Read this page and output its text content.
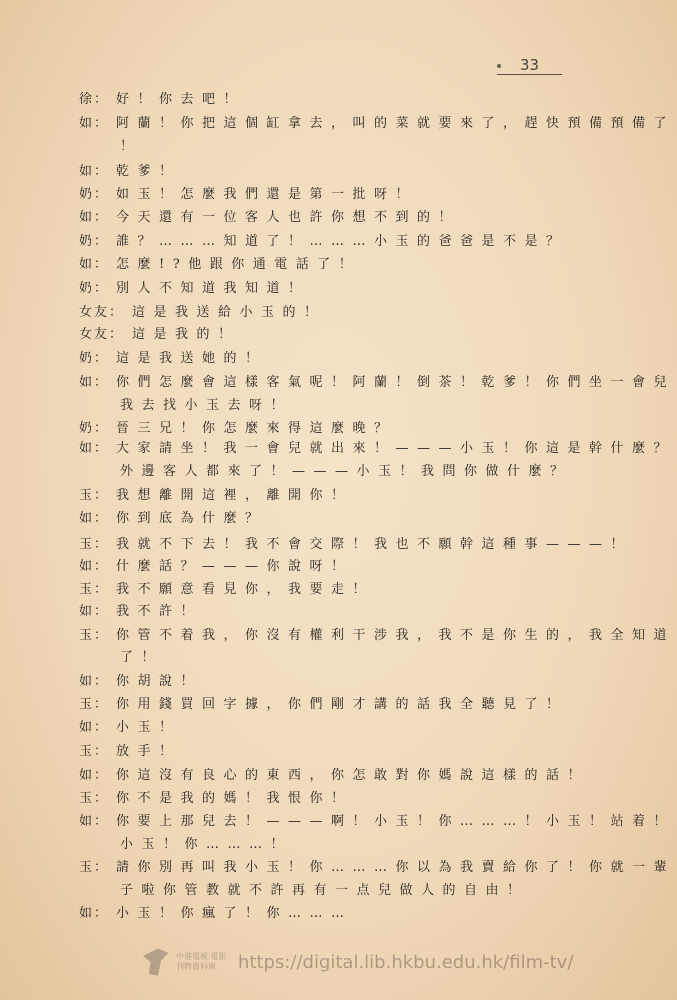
33
徐： 好！你去吧！
如： 阿蘭！你把這個缸拿去，叫的菜就要來了，趕快預備預備了
！
如： 乾爹！
奶： 如玉！怎麼我們還是第一批呀！
如： 今天還有一位客人也許你想不到的！
奶： 誰？………知道了！………小玉的爸爸是不是？
如： 怎麼!?他跟你通電話了！
奶： 別人不知道我知道！
女友： 這是我送給小玉的！
女友： 這是我的！
奶： 這是我送她的！
如： 你們怎麼會這樣客氣呢！阿蘭！倒茶！乾爹！你們坐一會兒
我去找小玉去呀！
奶： 晉三兄！你怎麼來得這麼晚？
如： 大家請坐！我一會兒就出來！———小玉！你這是幹什麼？
外邊客人都來了！———小玉！我問你做什麼？
玉： 我想離開這裡，離開你！
如： 你到底為什麼？
玉： 我就不下去！我不會交際！我也不願幹這種事———！
如： 什麼話？———你說呀！
玉： 我不願意看見你，我要走！
如： 我不許！
玉： 你管不着我，你沒有權利干涉我，我不是你生的，我全知道
了！
如： 你胡說！
玉： 你用錢買回字據，你們剛才講的話我全聽見了！
如： 小玉！
玉： 放手！
如： 你這沒有良心的東西，你怎敢對你媽說這樣的話！
玉： 你不是我的媽！我恨你！
如： 你要上那兒去！———啊！小玉！你………！小玉！站着！
小玉！你………！
玉： 請你別再叫我小玉！你………你以為我賣給你了！你就一輩
子啦你管教就不許再有一点兒做人的自由！
如： 小玉！你瘋了！你………
中港電視·電影 刊物資料庫	https://digital.lib.hkbu.edu.hk/film-tv/
